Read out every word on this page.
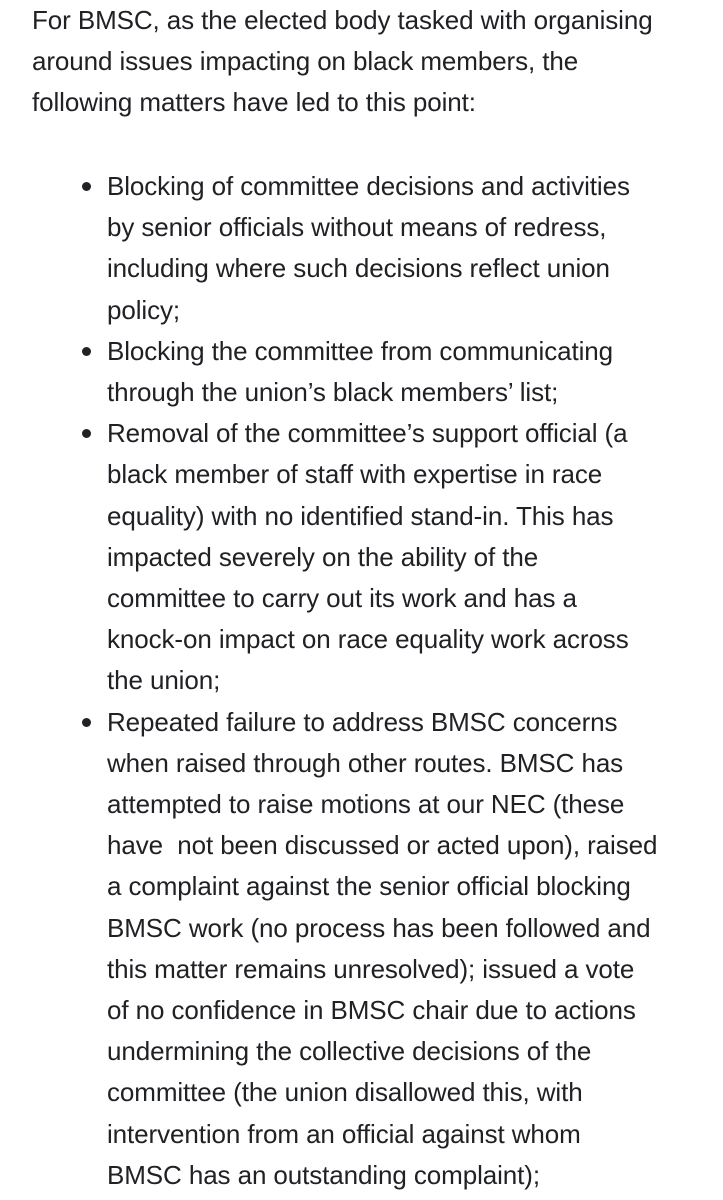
For BMSC, as the elected body tasked with organising
around issues impacting on black members, the
following matters have led to this point:

Blocking of committee decisions and activities
by senior officials without means of redress,
including where such decisions reflect union
policy;
Blocking the committee from communicating
through the union’s black members’ list;
Removal of the committee’s support official (a
black member of staff with expertise in race
equality) with no identified stand-in. This has
impacted severely on the ability of the
committee to carry out its work and has a
knock-on impact on race equality work across
the union;
Repeated failure to address BMSC concerns
when raised through other routes. BMSC has
attempted to raise motions at our NEC (these
have  not been discussed or acted upon), raised
a complaint against the senior official blocking
BMSC work (no process has been followed and
this matter remains unresolved); issued a vote
of no confidence in BMSC chair due to actions
undermining the collective decisions of the
committee (the union disallowed this, with
intervention from an official against whom
BMSC has an outstanding complaint);
